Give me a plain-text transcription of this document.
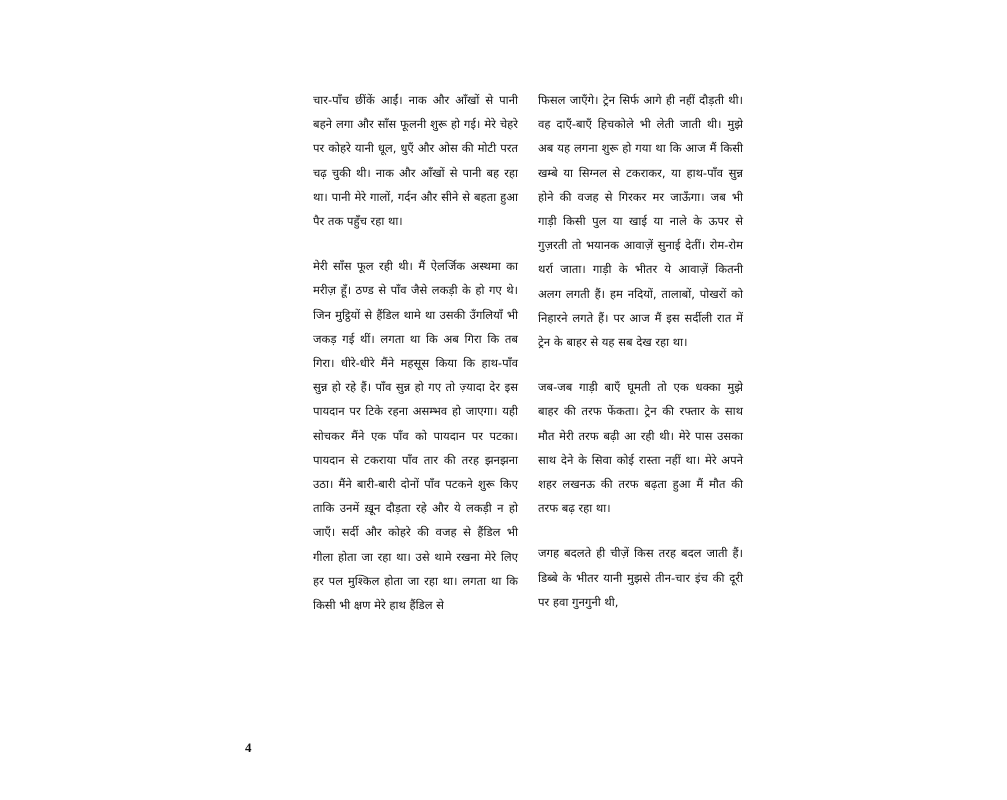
चार-पाँच छींकें आईं। नाक और आँखों से पानी बहने लगा और साँस फूलनी शुरू हो गई। मेरे चेहरे पर कोहरे यानी धूल, धुएँ और ओस की मोटी परत चढ़ चुकी थी। नाक और आँखों से पानी बह रहा था। पानी मेरे गालों, गर्दन और सीने से बहता हुआ पैर तक पहुँच रहा था।

मेरी साँस फूल रही थी। मैं ऐलर्जिक अस्थमा का मरीज़ हूँ। ठण्ड से पाँव जैसे लकड़ी के हो गए थे। जिन मुट्ठियों से हैंडिल थामे था उसकी उँगलियाँ भी जकड़ गई थीं। लगता था कि अब गिरा कि तब गिरा। धीरे-धीरे मैंने महसूस किया कि हाथ-पाँव सुन्न हो रहे हैं। पाँव सुन्न हो गए तो ज़्यादा देर इस पायदान पर टिके रहना असम्भव हो जाएगा। यही सोचकर मैंने एक पाँव को पायदान पर पटका। पायदान से टकराया पाँव तार की तरह झनझना उठा। मैंने बारी-बारी दोनों पाँव पटकने शुरू किए ताकि उनमें ख़ून दौड़ता रहे और ये लकड़ी न हो जाएँ। सर्दी और कोहरे की वजह से हैंडिल भी गीला होता जा रहा था। उसे थामे रखना मेरे लिए हर पल मुश्किल होता जा रहा था। लगता था कि किसी भी क्षण मेरे हाथ हैंडिल से

फिसल जाएँगे। ट्रेन सिर्फ आगे ही नहीं दौड़ती थी। वह दाएँ-बाएँ हिचकोले भी लेती जाती थी। मुझे अब यह लगना शुरू हो गया था कि आज मैं किसी खम्बे या सिग्नल से टकराकर, या हाथ-पाँव सुन्न होने की वजह से गिरकर मर जाऊँगा। जब भी गाड़ी किसी पुल या खाई या नाले के ऊपर से गुज़रती तो भयानक आवाज़ें सुनाई देतीं। रोम-रोम थर्रा जाता। गाड़ी के भीतर ये आवाज़ें कितनी अलग लगती हैं। हम नदियों, तालाबों, पोखरों को निहारने लगते हैं। पर आज मैं इस सर्दीली रात में ट्रेन के बाहर से यह सब देख रहा था।

जब-जब गाड़ी बाएँ घूमती तो एक धक्का मुझे बाहर की तरफ फेंकता। ट्रेन की रफ्तार के साथ मौत मेरी तरफ बढ़ी आ रही थी। मेरे पास उसका साथ देने के सिवा कोई रास्ता नहीं था। मेरे अपने शहर लखनऊ की तरफ बढ़ता हुआ मैं मौत की तरफ बढ़ रहा था।

जगह बदलते ही चीज़ें किस तरह बदल जाती हैं। डिब्बे के भीतर यानी मुझसे तीन-चार इंच की दूरी पर हवा गुनगुनी थी,

4
